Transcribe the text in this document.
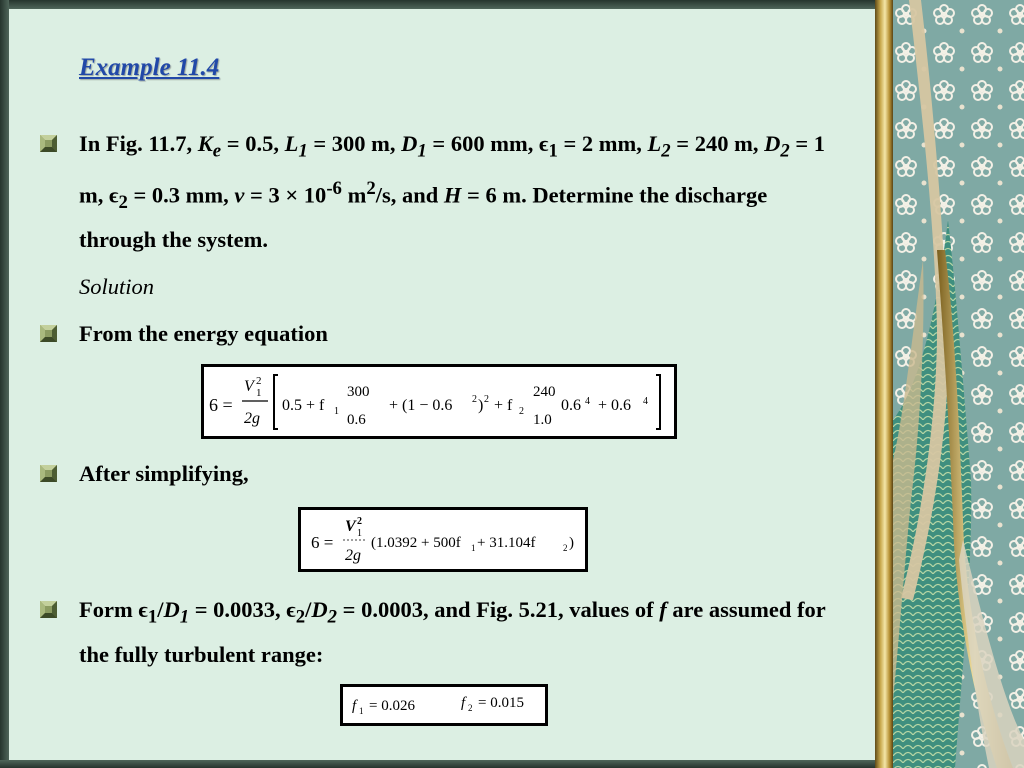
Example 11.4

In Fig. 11.7, $K_e = 0.5$, $L_1 = 300$ m, $D_1 = 600$ mm, $\epsilon_1 = 2$ mm, $L_2 = 240$ m, $D_2 = 1$ m, $\epsilon_2 = 0.3$ mm, $v = 3 \times 10^{-6}$ $m^2/s$, and H = 6 m. Determine the discharge through the system.

Solution

From the energy equation

6 =
V 2
1
2g
0.5 + f 1
300
0.6
+ (1 − 0.6 2 ) 2 + f 2
240
1.0
0.6 4 + 0.6 4

After simplifying,

6 =
V 2
1
2g
(1.0392 + 500f 1 + 31.104f	2 )

Form $\epsilon_1/D_1 = 0.0033$, $\epsilon_2/D_2 = 0.0003$, and Fig. 5.21, values of f are assumed for the fully turbulent range:

f 1 = 0.026	f 2 = 0.015
